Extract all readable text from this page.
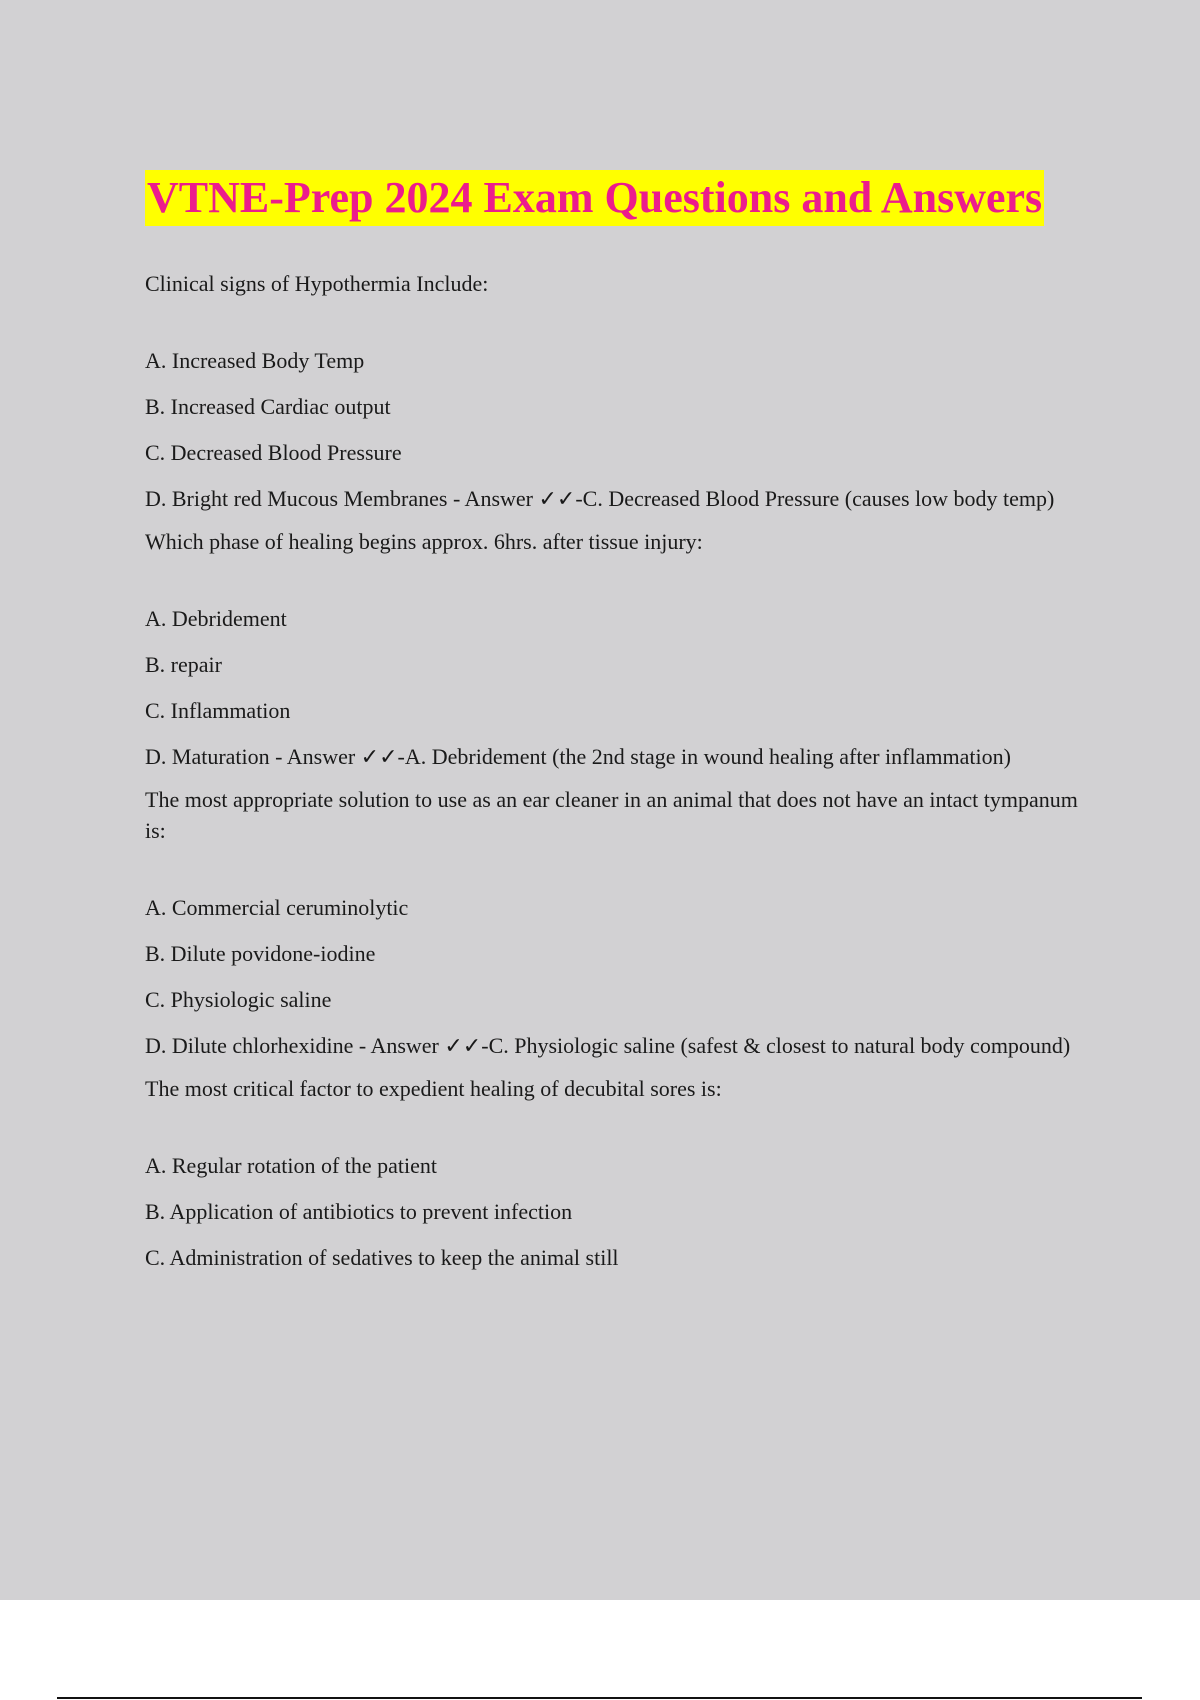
VTNE-Prep 2024 Exam Questions and Answers

Clinical signs of Hypothermia Include:

A. Increased Body Temp

B. Increased Cardiac output

C. Decreased Blood Pressure

D. Bright red Mucous Membranes - Answer ✓✓-C. Decreased Blood Pressure (causes low body temp)

Which phase of healing begins approx. 6hrs. after tissue injury:

A. Debridement

B. repair

C. Inflammation

D. Maturation - Answer ✓✓-A. Debridement (the 2nd stage in wound healing after inflammation)

The most appropriate solution to use as an ear cleaner in an animal that does not have an intact tympanum is:

A. Commercial ceruminolytic

B. Dilute povidone-iodine

C. Physiologic saline

D. Dilute chlorhexidine - Answer ✓✓-C. Physiologic saline (safest & closest to natural body compound)

The most critical factor to expedient healing of decubital sores is:

A. Regular rotation of the patient

B. Application of antibiotics to prevent infection

C. Administration of sedatives to keep the animal still
